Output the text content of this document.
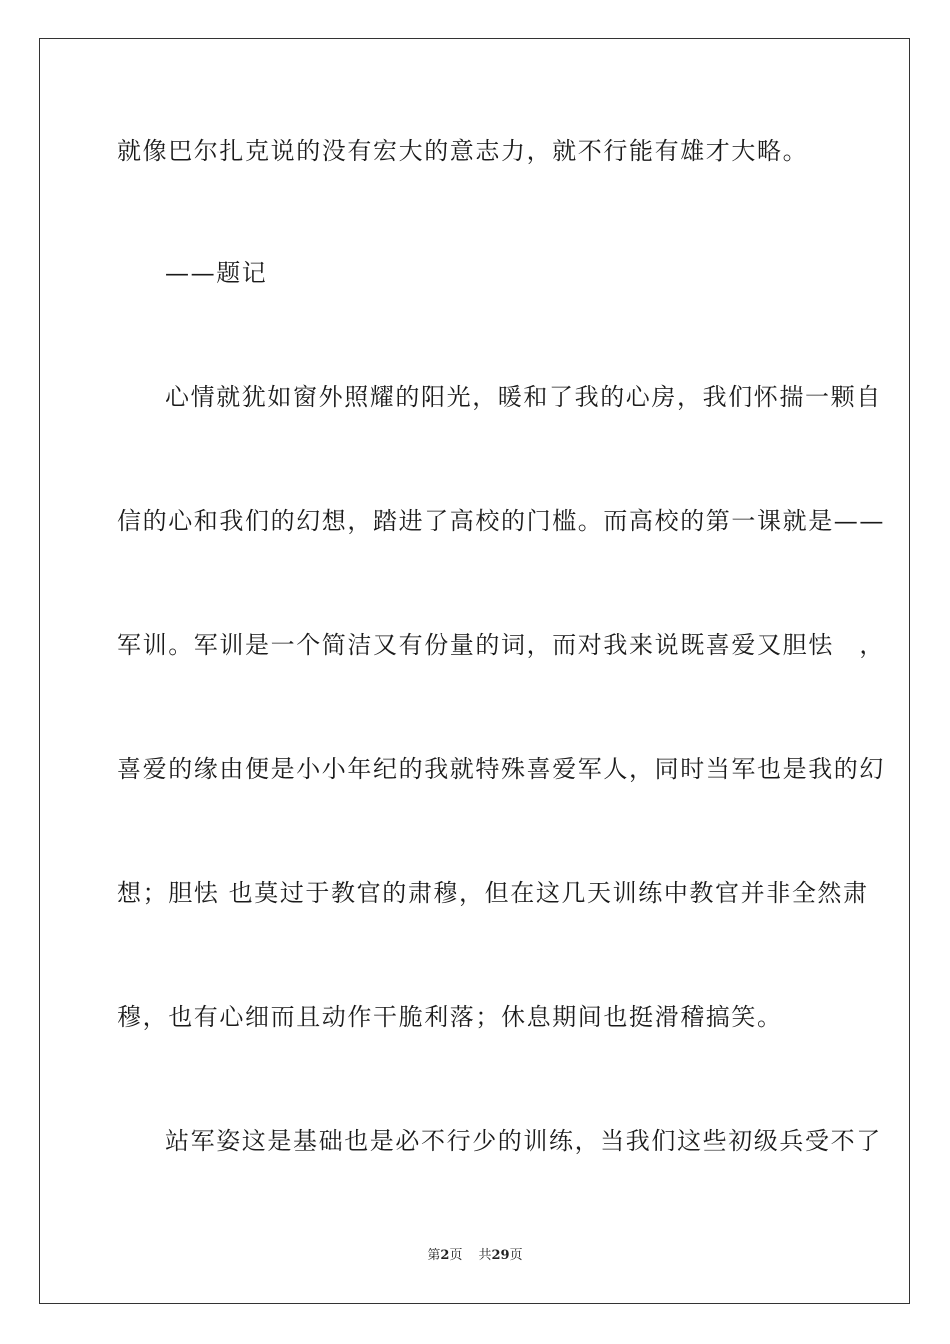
就像巴尔扎克说的没有宏大的意志力，就不行能有雄才大略。
——题记
心情就犹如窗外照耀的阳光，暖和了我的心房，我们怀揣一颗自
信的心和我们的幻想，踏进了高校的门槛。而高校的第一课就是——
军训。军训是一个简洁又有份量的词，而对我来说既喜爱又胆怯　，
喜爱的缘由便是小小年纪的我就特殊喜爱军人，同时当军也是我的幻
想；胆怯 也莫过于教官的肃穆，但在这几天训练中教官并非全然肃
穆，也有心细而且动作干脆利落；休息期间也挺滑稽搞笑。
站军姿这是基础也是必不行少的训练，当我们这些初级兵受不了
第2页 共29页
